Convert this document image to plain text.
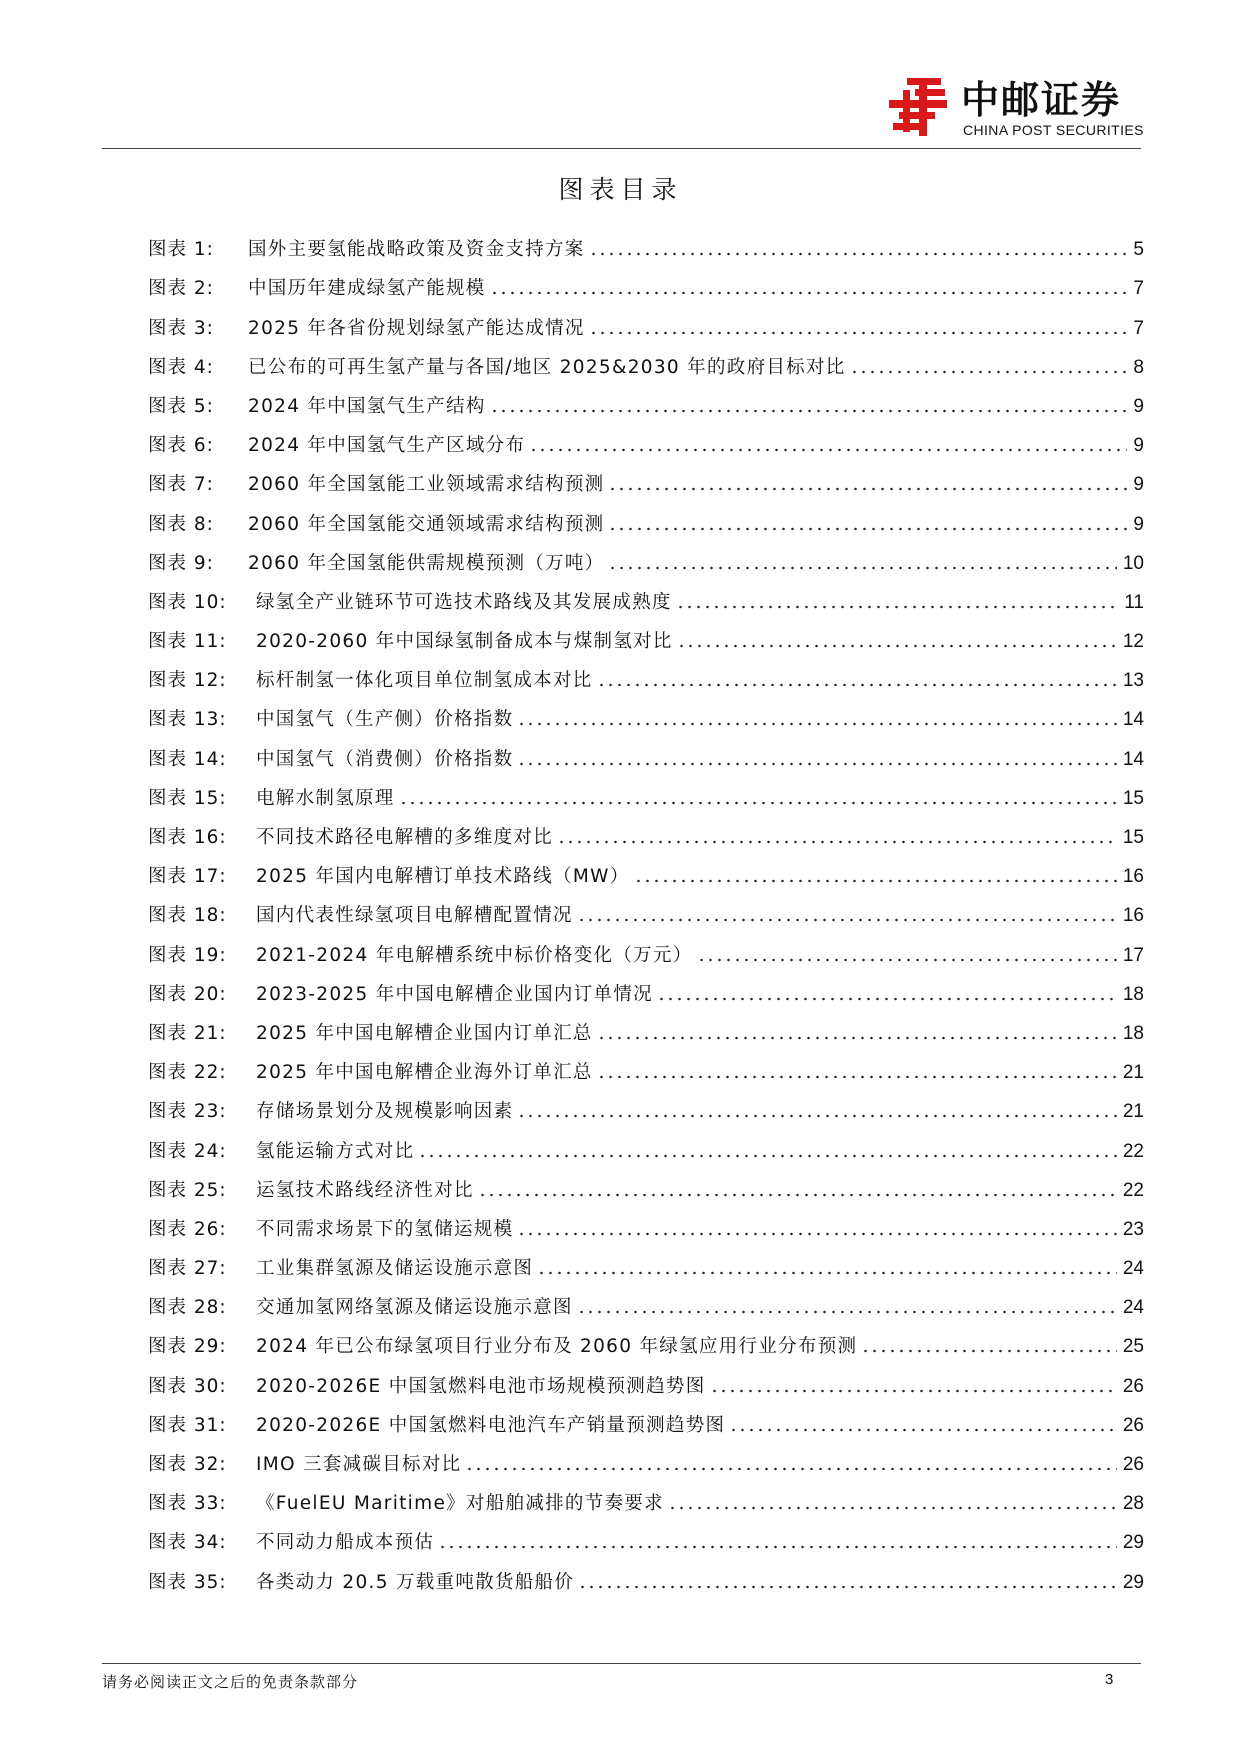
中邮证券
CHINA POST SECURITIES
图表目录
图表 1:	国外主要氢能战略政策及资金支持方案	5
图表 2:	中国历年建成绿氢产能规模	7
图表 3:	2025 年各省份规划绿氢产能达成情况	7
图表 4:	已公布的可再生氢产量与各国/地区 2025&2030 年的政府目标对比	8
图表 5:	2024 年中国氢气生产结构	9
图表 6:	2024 年中国氢气生产区域分布	9
图表 7:	2060 年全国氢能工业领域需求结构预测	9
图表 8:	2060 年全国氢能交通领域需求结构预测	9
图表 9:	2060 年全国氢能供需规模预测（万吨）	10
图表 10:	绿氢全产业链环节可选技术路线及其发展成熟度	11
图表 11:	2020-2060 年中国绿氢制备成本与煤制氢对比	12
图表 12:	标杆制氢一体化项目单位制氢成本对比	13
图表 13:	中国氢气（生产侧）价格指数	14
图表 14:	中国氢气（消费侧）价格指数	14
图表 15:	电解水制氢原理	15
图表 16:	不同技术路径电解槽的多维度对比	15
图表 17:	2025 年国内电解槽订单技术路线（MW）	16
图表 18:	国内代表性绿氢项目电解槽配置情况	16
图表 19:	2021-2024 年电解槽系统中标价格变化（万元）	17
图表 20:	2023-2025 年中国电解槽企业国内订单情况	18
图表 21:	2025 年中国电解槽企业国内订单汇总	18
图表 22:	2025 年中国电解槽企业海外订单汇总	21
图表 23:	存储场景划分及规模影响因素	21
图表 24:	氢能运输方式对比	22
图表 25:	运氢技术路线经济性对比	22
图表 26:	不同需求场景下的氢储运规模	23
图表 27:	工业集群氢源及储运设施示意图	24
图表 28:	交通加氢网络氢源及储运设施示意图	24
图表 29:	2024 年已公布绿氢项目行业分布及 2060 年绿氢应用行业分布预测	25
图表 30:	2020-2026E 中国氢燃料电池市场规模预测趋势图	26
图表 31:	2020-2026E 中国氢燃料电池汽车产销量预测趋势图	26
图表 32:	IMO 三套减碳目标对比	26
图表 33:	《FuelEU Maritime》对船舶减排的节奏要求	28
图表 34:	不同动力船成本预估	29
图表 35:	各类动力 20.5 万载重吨散货船船价	29
请务必阅读正文之后的免责条款部分	3
